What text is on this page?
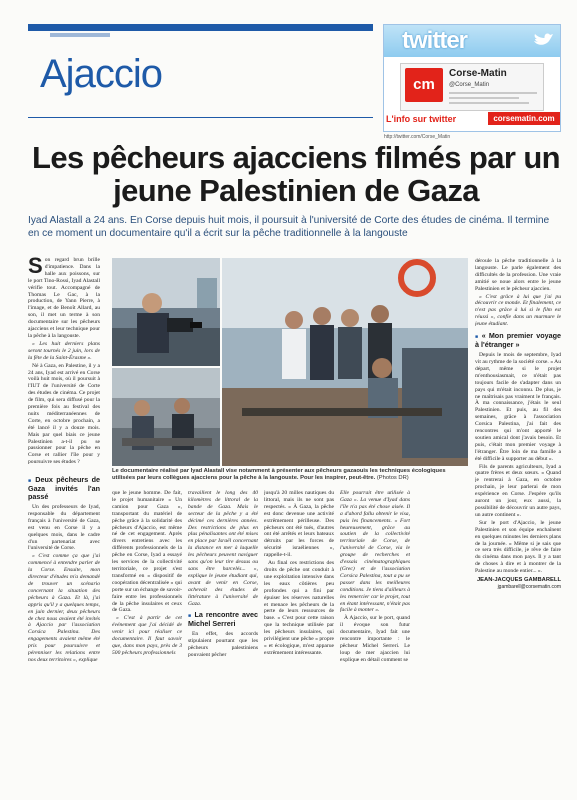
Ajaccio
twitter
cm
Corse-Matin
@Corse_Matin
L'info sur twitter	corsematin.com
http://twitter.com/Corse_Matin
Les pêcheurs ajacciens filmés par un jeune Palestinien de Gaza
Iyad Alastall a 24 ans. En Corse depuis huit mois, il poursuit à l'université de Corte des études de cinéma. Il termine en ce moment un documentaire qu'il a écrit sur la pêche traditionnelle à la langouste

Son regard brun brille d'impatience. Dans la halle aux poissons, sur le port Tino-Rossi, Iyad Alastall vérifie tout. Accompagné de Thomas Le Gac, à la production, de Yann Pierre, à l'image, et de Benoît Allard, au son, il met un terme à son documentaire sur les pêcheurs ajacciens et leur technique pour la pêche à la langouste.

« Les huit derniers plans seront tournés le 2 juin, lors de la fête de la Saint-Érasme ».

Né à Gaza, en Palestine, il y a 24 ans, Iyad est arrivé en Corse voilà huit mois, où il poursuit à l'IUT de l'université de Corte des études de cinéma. Ce projet de film, qui sera diffusé pour la première fois au festival des nuits méditerranéennes de Corte, en octobre prochain, a été lancé il y a douze mois. Mais par quel biais ce jeune Palestinien a-t-il pu se passionner pour la pêche en Corse et rallier l'île pour y poursuivre ses études ?

■ Deux pêcheurs de Gaza invités l'an passé

Un des professeurs de Iyad, responsable du département français à l'université de Gaza, est venu en Corse il y a quelques mois, dans le cadre d'un partenariat avec l'université de Corse.

« C'est comme ça que j'ai commencé à entendre parler de la Corse. Ensuite, mon directeur d'études m'a demandé de trouver un scénario concernant la situation des pêcheurs à Gaza. Et là, j'ai appris qu'il y a quelques temps, en juin dernier, deux pêcheurs de chez nous avaient été invités à Ajaccio par l'association Corsica Palestina. Des engagements avaient même été pris pour poursuivre et pérenniser les relations entre nos deux territoires », explique

Le documentaire réalisé par Iyad Alastall vise notamment à présenter aux pêcheurs gazaouis les techniques écologiques utilisées par leurs collègues ajacciens pour la pêche à la langouste. Pour les inspirer, peut-être. (Photos DR)

que le jeune homme. De fait, le projet humanitaire « Un camion pour Gaza », transportant du matériel de pêche grâce à la solidarité des pêcheurs d'Ajaccio, est même né de cet engagement. Après divers entretiens avec les différents professionnels de la pêche en Corse, Iyad a essayé les services de la collectivité territoriale, ce projet s'est transformé en « dispositif de coopération décentralisée » qui porte sur un échange de savoir-faire entre les professionnels de la pêche insulaires et ceux de Gaza.

« C'est à partir de cet événement que j'ai décidé de venir ici pour réaliser ce documentaire. Il faut savoir que, dans mon pays, près de 3 500 pêcheurs professionnels

travaillent le long des 40 kilomètres de littoral de la bande de Gaza. Mais le secteur de la pêche y a été décimé ces dernières années. Des restrictions de plus en plus pénalisantes ont été mises en place par Israël concernant la distance en mer à laquelle les pêcheurs peuvent naviguer sans qu'on leur tire dessus ou sans être harcelés... », explique le jeune étudiant qui, avant de venir en Corse, achevait des études de littérature à l'université de Gaza.

■ La rencontre avec Michel Serreri

En effet, des accords stipulaient pourtant que les pêcheurs palestiniens pouvaient pêcher

jusqu'à 20 milles nautiques du littoral, mais ils ne sont pas respectés. « À Gaza, la pêche est donc devenue une activité extrêmement périlleuse. Des pêcheurs ont été tués, d'autres ont été arrêtés et leurs bateaux détruits par les forces de sécurité israéliennes », rappelle-t-il.

Au final ces restrictions des droits de pêche ont conduit à une exploitation intensive dans les eaux côtières peu profondes qui a fini par épuiser les réserves naturelles et menace les pêcheurs de la perte de leurs ressources de base. « C'est pour cette raison que la technique utilisée par les pêcheurs insulaires, qui privilégient une pêche « propre » et écologique, m'est apparue extrêmement intéressante.

Elle pourrait être utilisée à Gaza ». La venue d'Iyad dans l'île n'a pas été chose aisée. Il a d'abord fallu obtenir le visa, puis les financements. « Fort heureusement, grâce au soutien de la collectivité territoriale de Corse, de l'université de Corse, via le groupe de recherches et d'essais cinématographiques (Grec) et de l'association Corsica Palestina, tout a pu se passer dans les meilleures conditions. Je tiens d'ailleurs à les remercier car le projet, tout en étant intéressant, n'était pas facile à monter ».

À Ajaccio, sur le port, quand il évoque son futur documentaire, Iyad fait une rencontre importante : le pêcheur Michel Serreri. Le loup de mer ajaccien lui explique en détail comment se

déroule la pêche traditionnelle à la langouste. Le parle également des difficultés de la profession. Une vraie amitié se noue alors entre le jeune Palestinien et le pêcheur ajaccien.

« C'est grâce à lui que j'ai pu découvrir ce monde. Et finalement, ce n'est pas grâce à lui si le film est réussi », confie dans un murmure le jeune étudiant.

■ « Mon premier voyage à l'étranger »

Depuis le mois de septembre, Iyad vit au rythme de la société corse. « Au départ, même si le projet m'enthousiasmait, ce n'était pas toujours facile de s'adapter dans un pays qui m'était inconnu. De plus, je ne maîtrisais pas vraiment le français. À ma connaissance, j'étais le seul Palestinien. Et puis, au fil des semaines, grâce à l'association Corsica Palestina, j'ai fait des rencontres qui m'ont apporté le soutien amical dont j'avais besoin. Et puis, c'était mon premier voyage à l'étranger. Être loin de ma famille a été difficile à supporter au début ».

Fils de parents agriculteurs, Iyad a quatre frères et deux sœurs. « Quand je rentrerai à Gaza, en octobre prochain, je leur parlerai de mon expérience en Corse. J'espère qu'ils auront un jour, eux aussi, la possibilité de découvrir un autre pays, un autre continent ».

Sur le port d'Ajaccio, le jeune Palestinien et son équipe enchaînent en quelques minutes les derniers plans de la journée. « Même si je sais que ce sera très difficile, je rêve de faire du cinéma dans mon pays. Il y a tant de choses à dire et à montrer de la Palestine au monde entier... ».

JEAN-JACQUES GAMBARELL
jgambarell@corsematin.com
